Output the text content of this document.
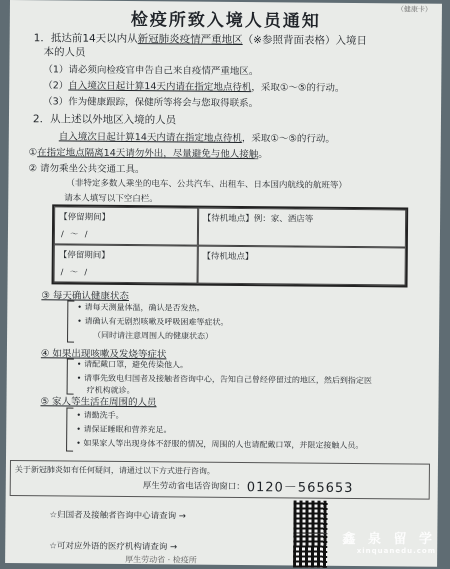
（健康卡）
检疫所致入境人员通知
1．抵达前14天以内从新冠肺炎疫情严重地区（※参照背面表格）入境日
本的人员
（1）请必须向检疫官申告自己来自疫情严重地区。
（2）自入境次日起计算14天内请在指定地点待机，采取①～⑤的行动。
（3）作为健康跟踪，保健所等将会与您取得联系。
2．从上述以外地区入境的人员
自入境次日起计算14天内请在指定地点待机，采取①～⑤的行动。
①在指定地点隔离14天请勿外出，尽量避免与他人接触。
② 请勿乘坐公共交通工具。
（非特定多数人乘坐的电车、公共汽车、出租车、日本国内航线的航班等）
请本人填写以下空白栏。
【停留期间】
/ ～ /
【待机地点】例：家、酒店等
【停留期间】
/ ～ /
【待机地点】
③ 每天确认健康状态
• 请每天测量体温，确认是否发热。
• 请确认有无剧烈咳嗽及呼吸困难等症状。
（同时请注意周围人的健康状态）
④ 如果出现咳嗽及发烧等症状
• 请配戴口罩，避免传染他人。
• 请事先致电归国者及接触者咨询中心，告知自己曾经停留过的地区，然后到指定医
疗机构就诊。
⑤ 家人等生活在周围的人员
• 请勤洗手。
• 请保证睡眠和营养充足。
• 如果家人等出现身体不舒服的情况，周围的人也请配戴口罩，并限定接触人员。
关于新冠肺炎如有任何疑问，请通过以下方式进行咨询。
厚生劳动省电话咨询窗口： 0120－565653
☆归国者及接触者咨询中心请查询 →
☆可对应外语的医疗机构请查询 →
厚生劳动省 · 检疫所
鑫 泉 留 学
xinquanedu.com
